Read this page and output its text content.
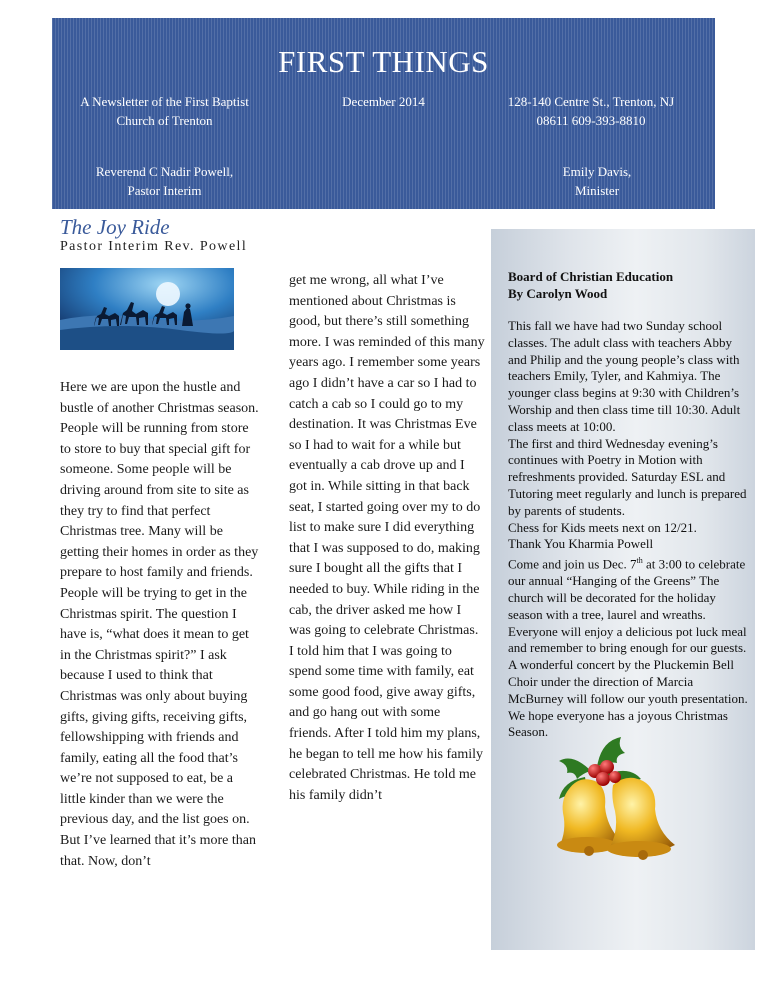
FIRST THINGS
A Newsletter of the First Baptist
Church of Trenton
December 2014	128-140 Centre St., Trenton, NJ
08611 609-393-8810
Reverend C Nadir Powell,
Pastor Interim
Emily Davis,
Minister
The Joy Ride
Pastor Interim Rev. Powell
Here we are upon the hustle and bustle of another Christmas season. People will be running from store to store to buy that special gift for someone. Some people will be driving around from site to site as they try to find that perfect Christmas tree. Many will be getting their homes in order as they prepare to host family and friends. People will be trying to get in the Christmas spirit. The question I have is, “what does it mean to get in the Christmas spirit?” I ask because I used to think that Christmas was only about buying gifts, giving gifts, receiving gifts, fellowshipping with friends and family, eating all the food that’s we’re not supposed to eat, be a little kinder than we were the previous day, and the list goes on. But I’ve learned that it’s more than that. Now, don’t
get me wrong, all what I’ve mentioned about Christmas is good, but there’s still something more. I was reminded of this many years ago. I remember some years ago I didn’t have a car so I had to catch a cab so I could go to my destination. It was Christmas Eve so I had to wait for a while but eventually a cab drove up and I got in. While sitting in that back seat, I started going over my to do list to make sure I did everything that I was supposed to do, making sure I bought all the gifts that I needed to buy. While riding in the cab, the driver asked me how I was going to celebrate Christmas. I told him that I was going to spend some time with family, eat some good food, give away gifts, and go hang out with some friends. After I told him my plans, he began to tell me how his family celebrated Christmas. He told me his family didn’t
Board of Christian Education
By Carolyn Wood

This fall we have had two Sunday school classes. The adult class with teachers Abby and Philip and the young people’s class with teachers Emily, Tyler, and Kahmiya. The younger class begins at 9:30 with Children’s Worship and then class time till 10:30. Adult class meets at 10:00.

The first and third Wednesday evening’s continues with Poetry in Motion with refreshments provided. Saturday ESL and Tutoring meet regularly and lunch is prepared by parents of students.

Chess for Kids meets next on 12/21.

Thank You Kharmia Powell

Come and join us Dec. 7th at 3:00 to celebrate our annual “Hanging of the Greens” The church will be decorated for the holiday season with a tree, laurel and wreaths. Everyone will enjoy a delicious pot luck meal and remember to bring enough for our guests. A wonderful concert by the Pluckemin Bell Choir under the direction of Marcia McBurney will follow our youth presentation.

We hope everyone has a joyous Christmas Season.
